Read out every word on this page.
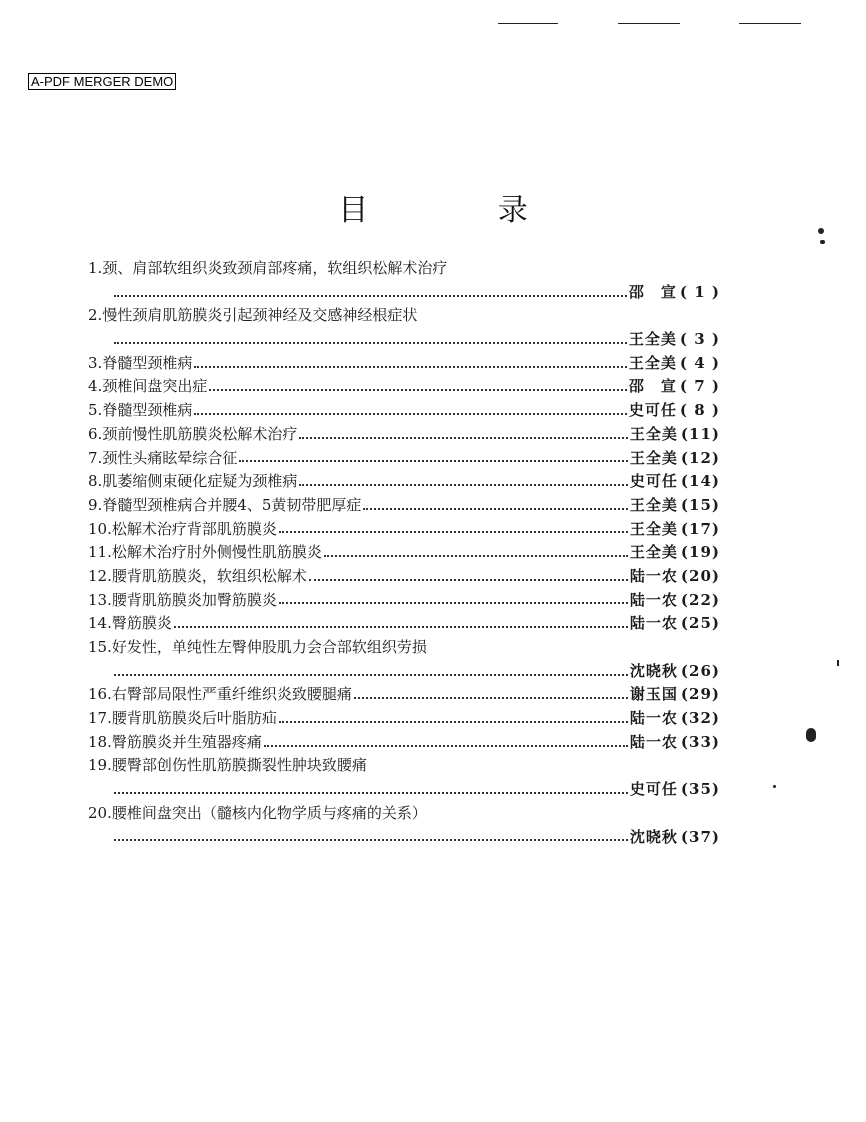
A-PDF MERGER DEMO
目 录
1. 颈、肩部软组织炎致颈肩部疼痛，软组织松解术治疗
邵　宣 ( 1 )
2. 慢性颈肩肌筋膜炎引起颈神经及交感神经根症状
王全美 ( 3 )
3. 脊髓型颈椎病	王全美 ( 4 )
4. 颈椎间盘突出症	邵　宣 ( 7 )
5. 脊髓型颈椎病	史可任 ( 8 )
6. 颈前慢性肌筋膜炎松解术治疗	王全美 (11)
7. 颈性头痛眩晕综合征	王全美 (12)
8. 肌萎缩侧束硬化症疑为颈椎病	史可任 (14)
9. 脊髓型颈椎病合并腰4、5黄韧带肥厚症	王全美 (15)
10. 松解术治疗背部肌筋膜炎	王全美 (17)
11. 松解术治疗肘外侧慢性肌筋膜炎	王全美 (19)
12. 腰背肌筋膜炎，软组织松解术	陆一农 (20)
13. 腰背肌筋膜炎加臀筋膜炎	陆一农 (22)
14. 臀筋膜炎	陆一农 (25)
15. 好发性，单纯性左臀伸股肌力会合部软组织劳损
沈晓秋 (26)
16. 右臀部局限性严重纤维织炎致腰腿痛	谢玉国 (29)
17. 腰背肌筋膜炎后叶脂肪疝	陆一农 (32)
18. 臀筋膜炎并生殖器疼痛	陆一农 (33)
19. 腰臀部创伤性肌筋膜撕裂性肿块致腰痛
史可任 (35)
20. 腰椎间盘突出（髓核内化物学质与疼痛的关系）
沈晓秋 (37)
